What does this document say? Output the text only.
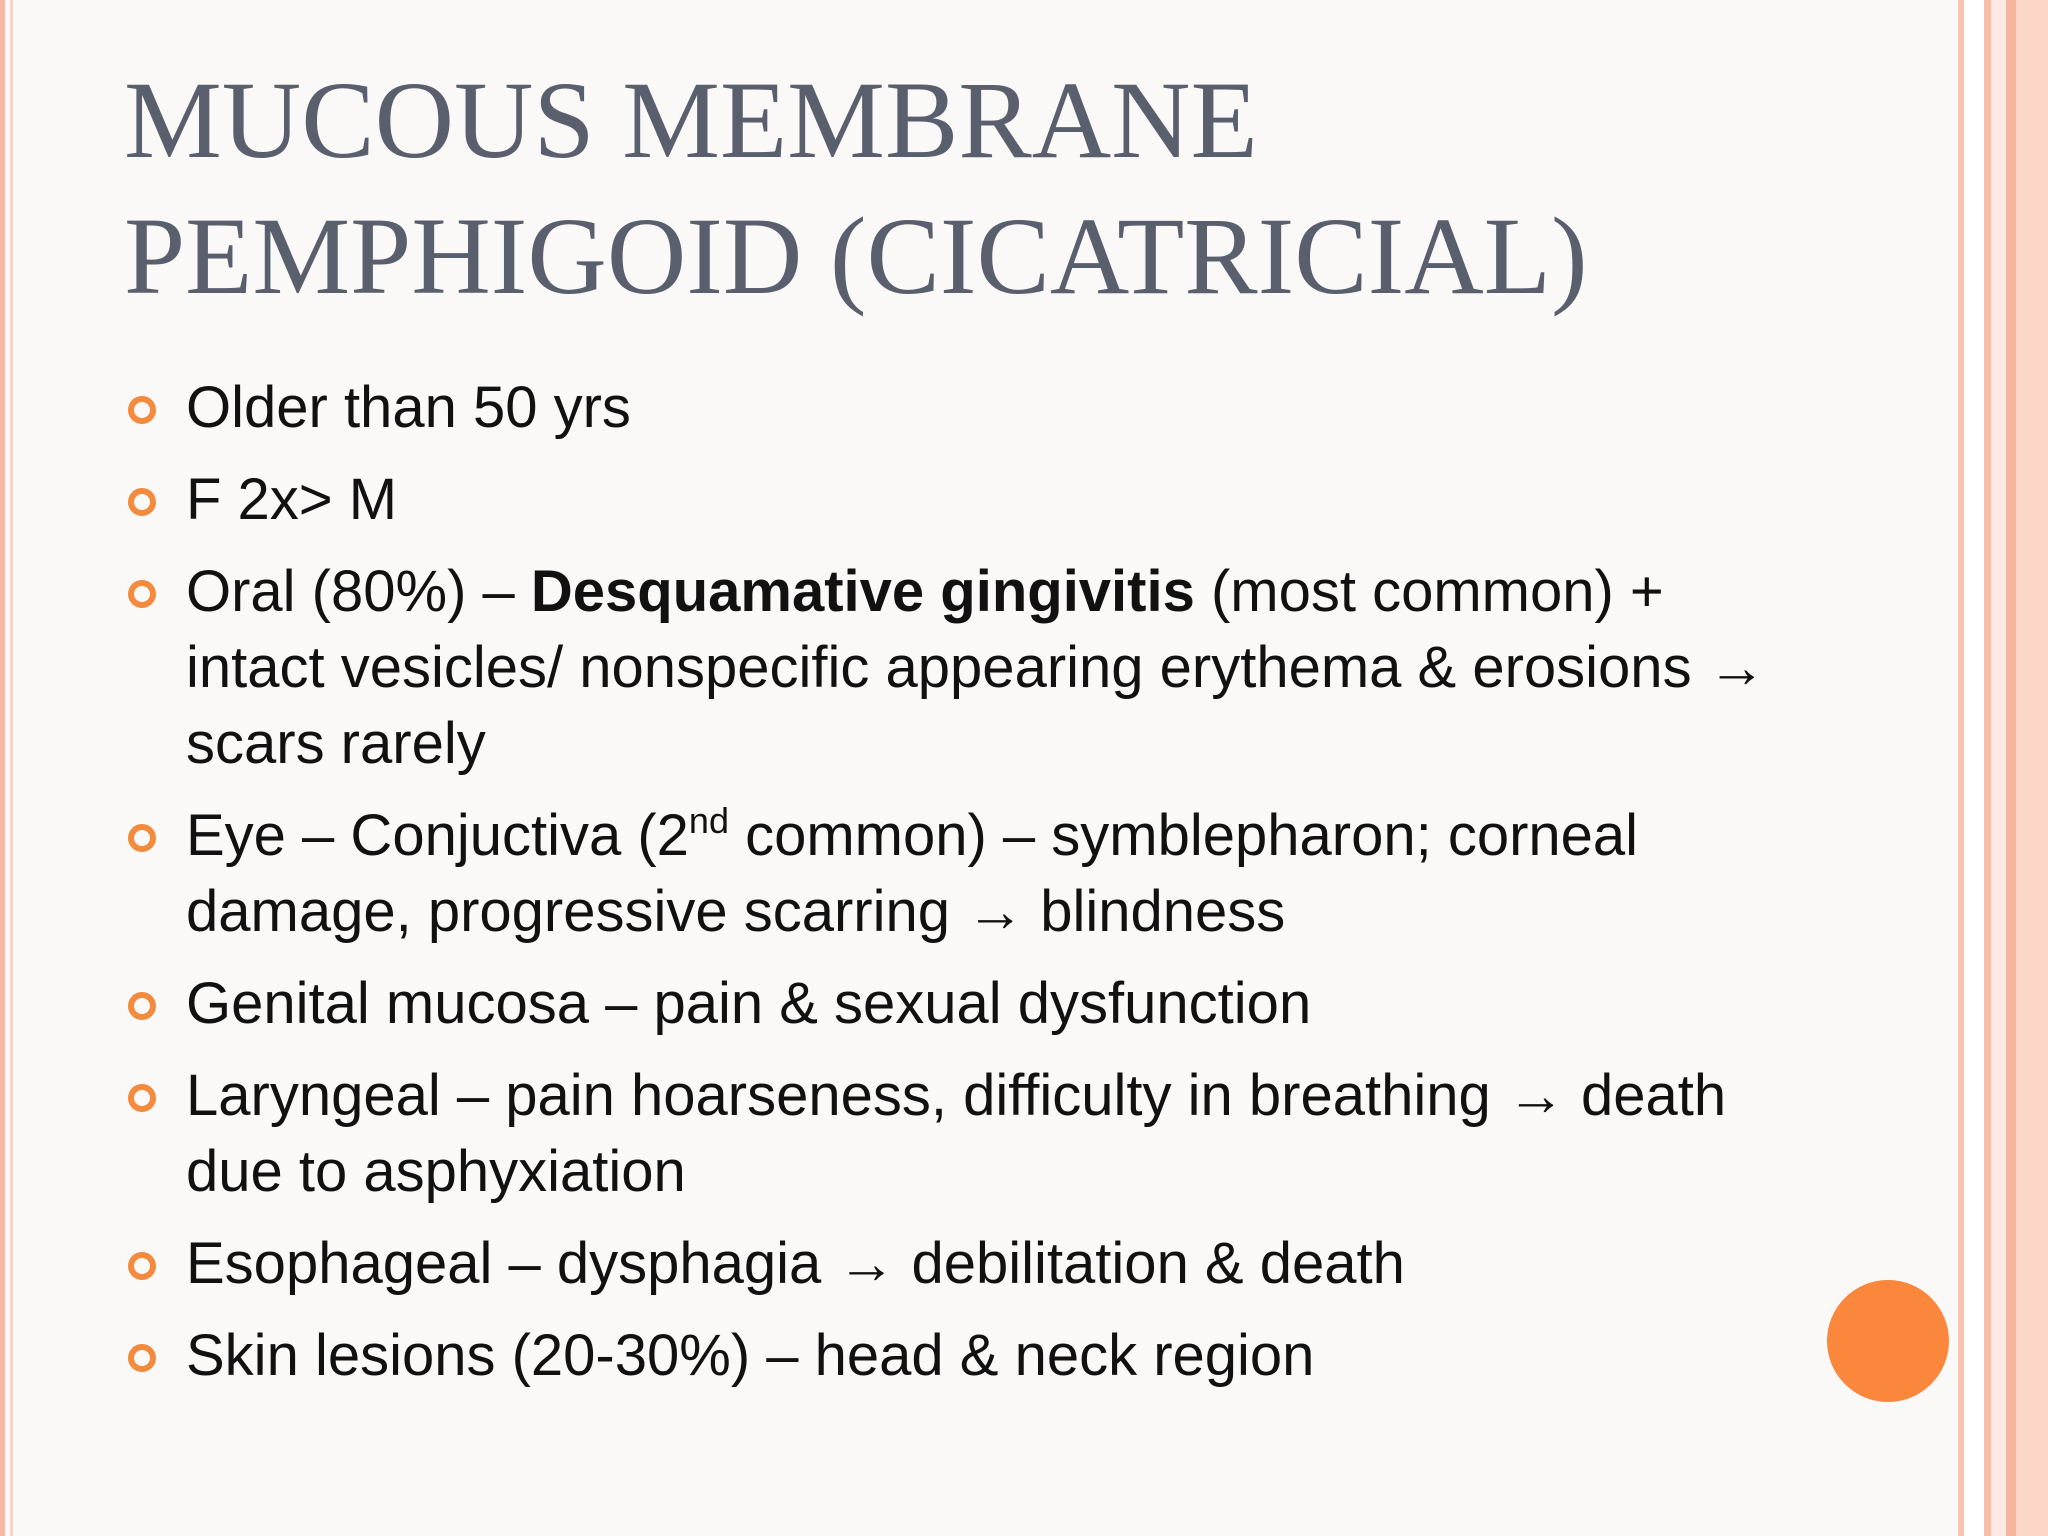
MUCOUS MEMBRANE
PEMPHIGOID (CICATRICIAL)
Older than 50 yrs
F 2x> M
Oral (80%) – Desquamative gingivitis (most common) + intact vesicles/ nonspecific appearing erythema & erosions → scars rarely
Eye – Conjuctiva (2nd common) – symblepharon; corneal damage, progressive scarring → blindness
Genital mucosa – pain & sexual dysfunction
Laryngeal – pain hoarseness, difficulty in breathing → death due to asphyxiation
Esophageal – dysphagia → debilitation & death
Skin lesions (20-30%) – head & neck region
